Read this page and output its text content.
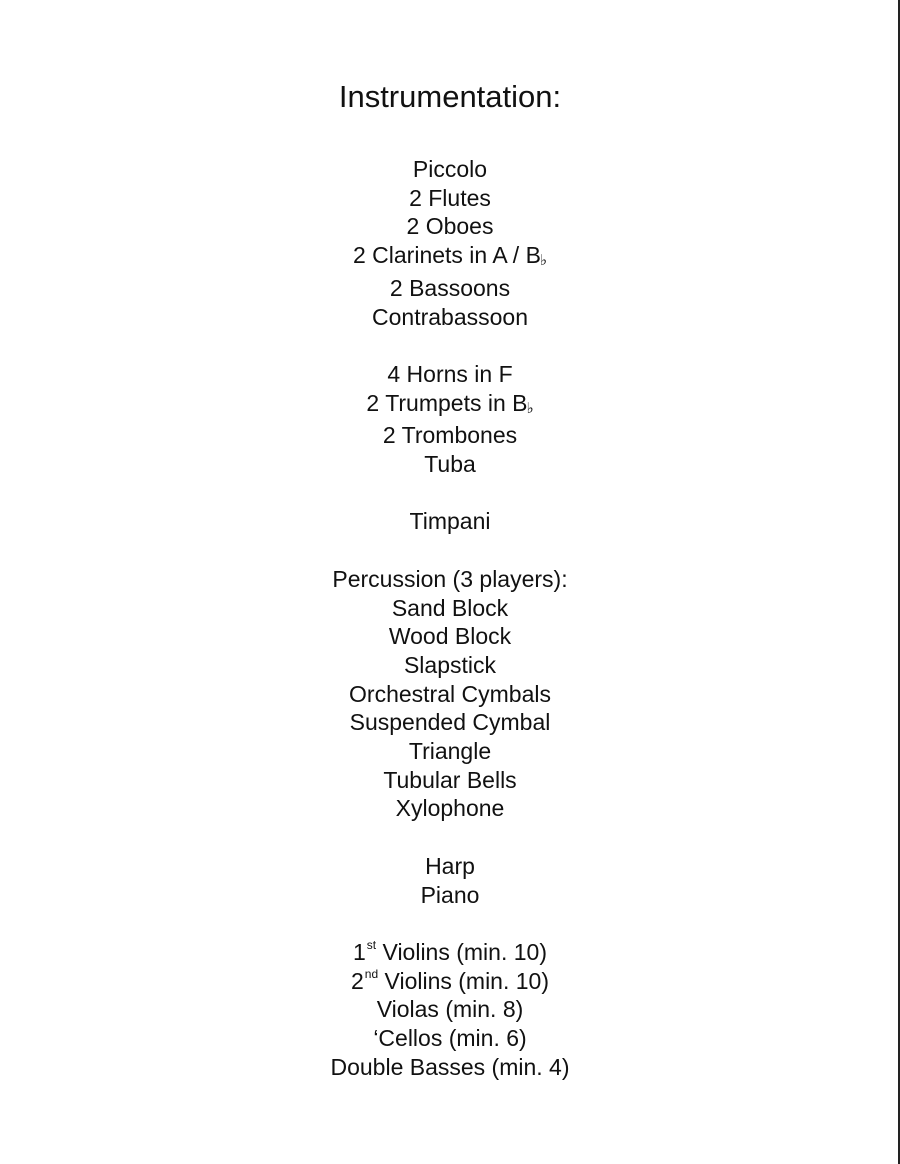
Instrumentation:
Piccolo
2 Flutes
2 Oboes
2 Clarinets in A / B♭
2 Bassoons
Contrabassoon
4 Horns in F
2 Trumpets in B♭
2 Trombones
Tuba
Timpani
Percussion (3 players):
Sand Block
Wood Block
Slapstick
Orchestral Cymbals
Suspended Cymbal
Triangle
Tubular Bells
Xylophone
Harp
Piano
1st Violins (min. 10)
2nd Violins (min. 10)
Violas (min. 8)
‘Cellos (min. 6)
Double Basses (min. 4)
